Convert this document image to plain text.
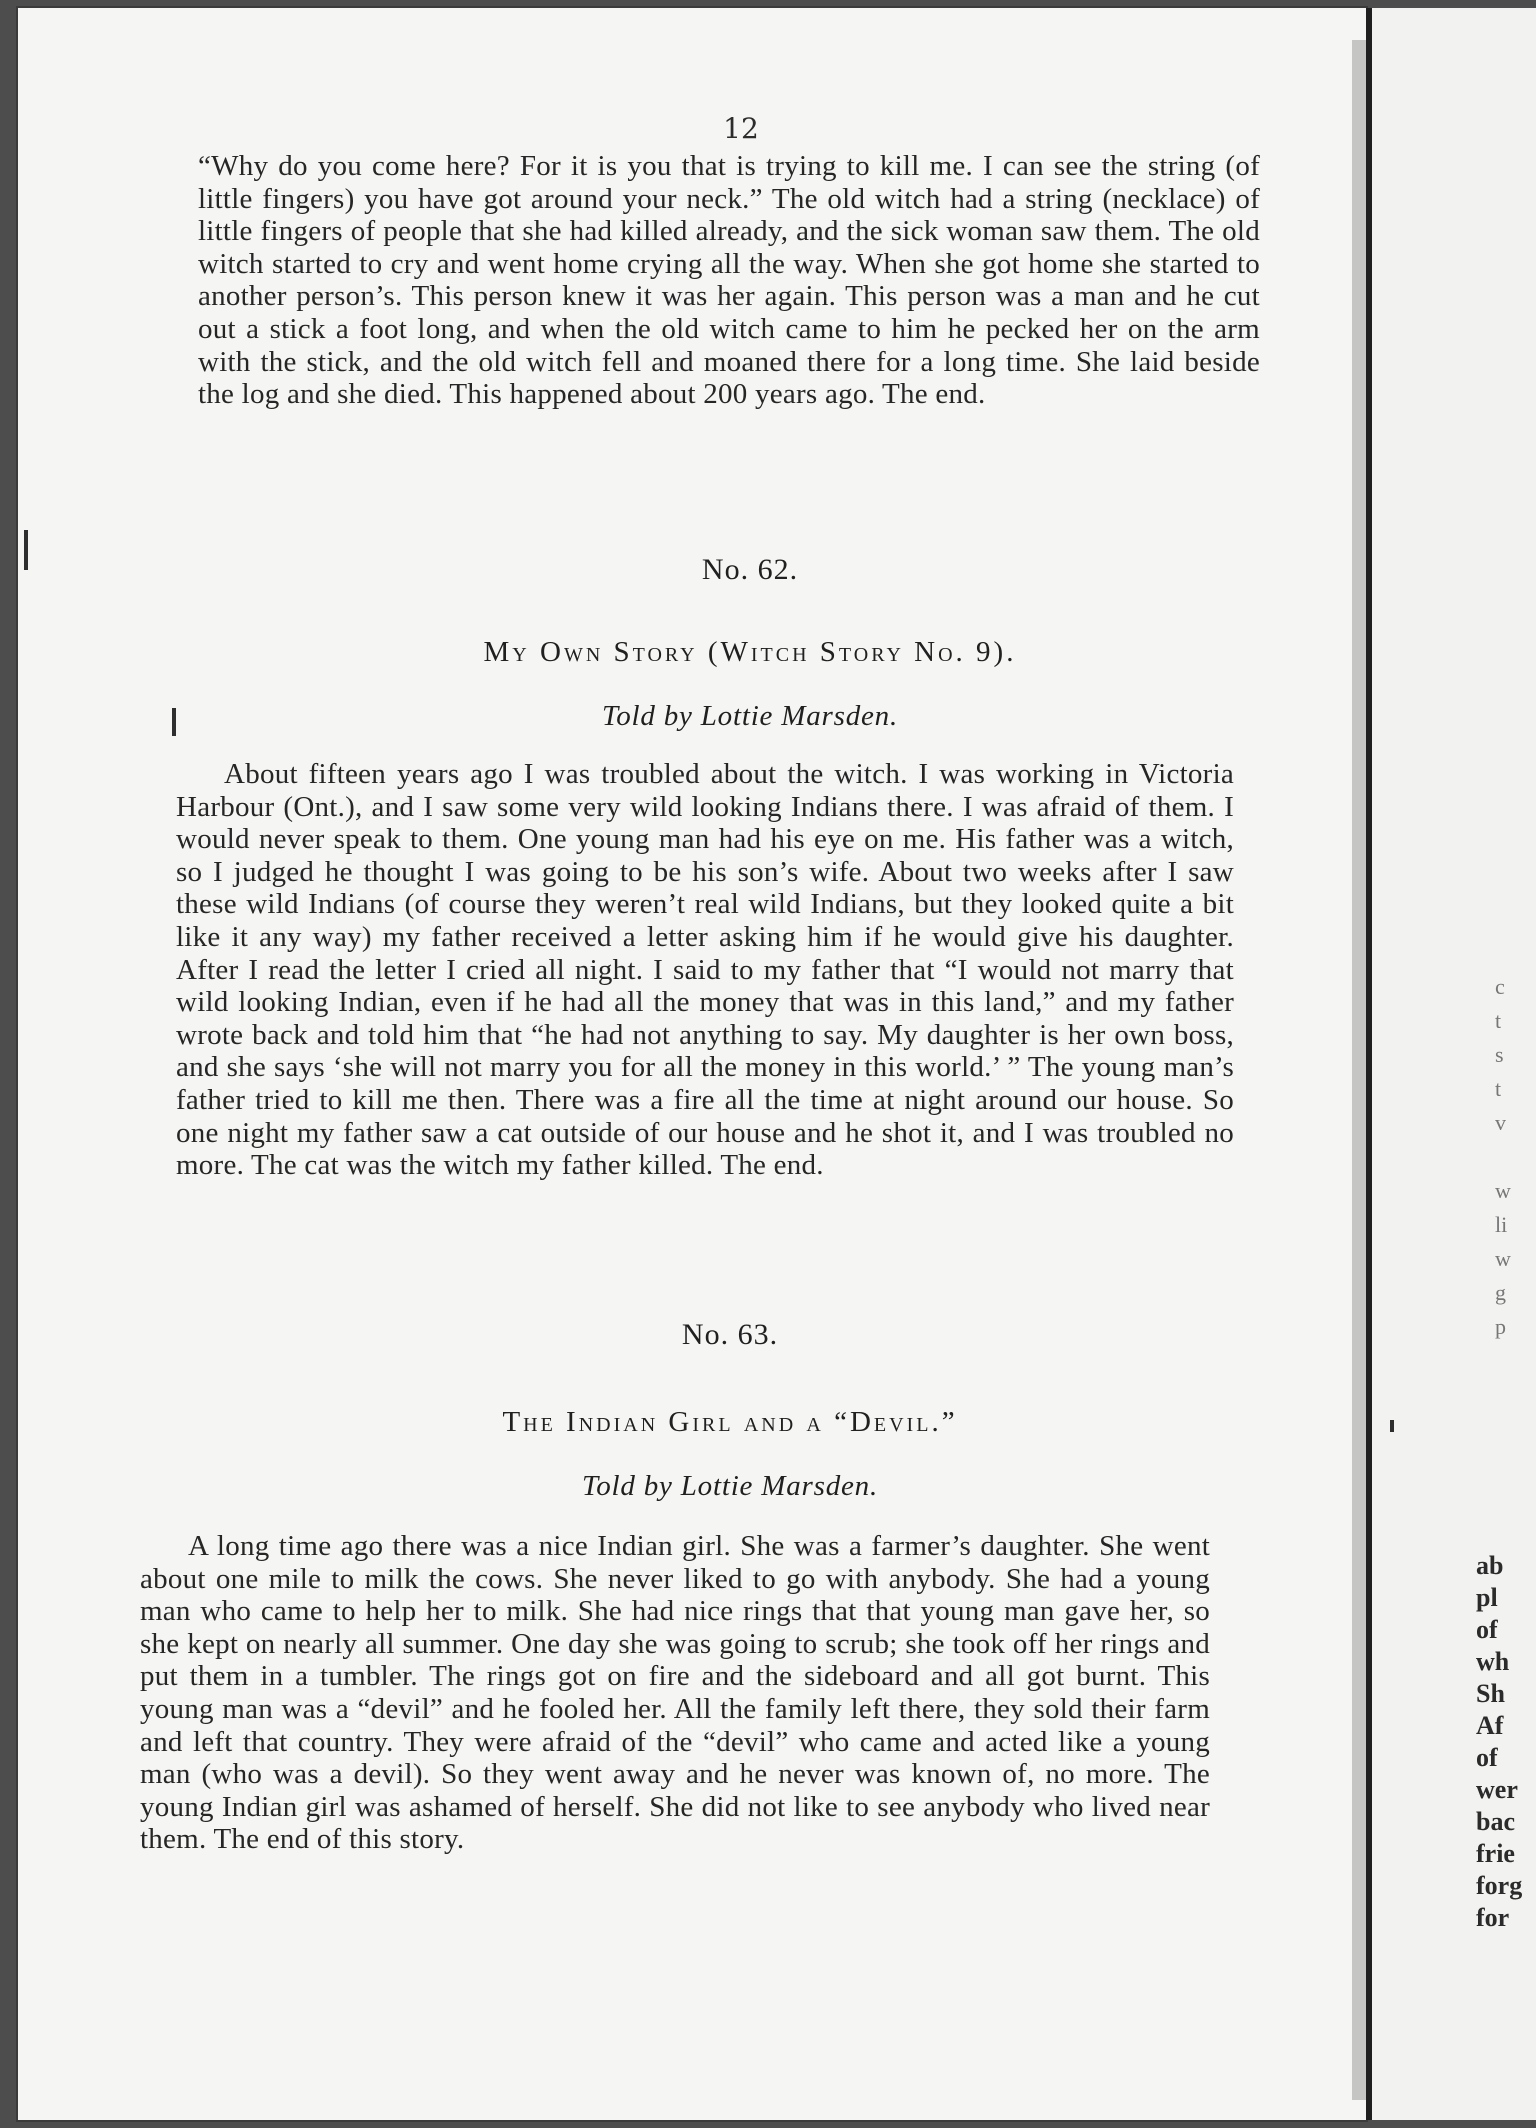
12
“Why do you come here? For it is you that is trying to kill me. I can see the string (of little fingers) you have got around your neck.” The old witch had a string (necklace) of little fingers of people that she had killed already, and the sick woman saw them. The old witch started to cry and went home crying all the way. When she got home she started to another person’s. This person knew it was her again. This person was a man and he cut out a stick a foot long, and when the old witch came to him he pecked her on the arm with the stick, and the old witch fell and moaned there for a long time. She laid beside the log and she died. This happened about 200 years ago. The end.
No. 62.
My Own Story (Witch Story No. 9).
Told by Lottie Marsden.
About fifteen years ago I was troubled about the witch. I was working in Victoria Harbour (Ont.), and I saw some very wild looking Indians there. I was afraid of them. I would never speak to them. One young man had his eye on me. His father was a witch, so I judged he thought I was going to be his son’s wife. About two weeks after I saw these wild Indians (of course they weren’t real wild Indians, but they looked quite a bit like it any way) my father received a letter asking him if he would give his daughter. After I read the letter I cried all night. I said to my father that “I would not marry that wild looking Indian, even if he had all the money that was in this land,” and my father wrote back and told him that “he had not anything to say. My daughter is her own boss, and she says ‘she will not marry you for all the money in this world.’ ” The young man’s father tried to kill me then. There was a fire all the time at night around our house. So one night my father saw a cat outside of our house and he shot it, and I was troubled no more. The cat was the witch my father killed. The end.
No. 63.
The Indian Girl and a “Devil.”
Told by Lottie Marsden.
A long time ago there was a nice Indian girl. She was a farmer’s daughter. She went about one mile to milk the cows. She never liked to go with anybody. She had a young man who came to help her to milk. She had nice rings that that young man gave her, so she kept on nearly all summer. One day she was going to scrub; she took off her rings and put them in a tumbler. The rings got on fire and the sideboard and all got burnt. This young man was a “devil” and he fooled her. All the family left there, they sold their farm and left that country. They were afraid of the “devil” who came and acted like a young man (who was a devil). So they went away and he never was known of, no more. The young Indian girl was ashamed of herself. She did not like to see anybody who lived near them. The end of this story.
c
t
s
t
v

w
li
w
g
p
ab
pl
of
wh
Sh
Af
of
wer
bac
frie
forg
for
